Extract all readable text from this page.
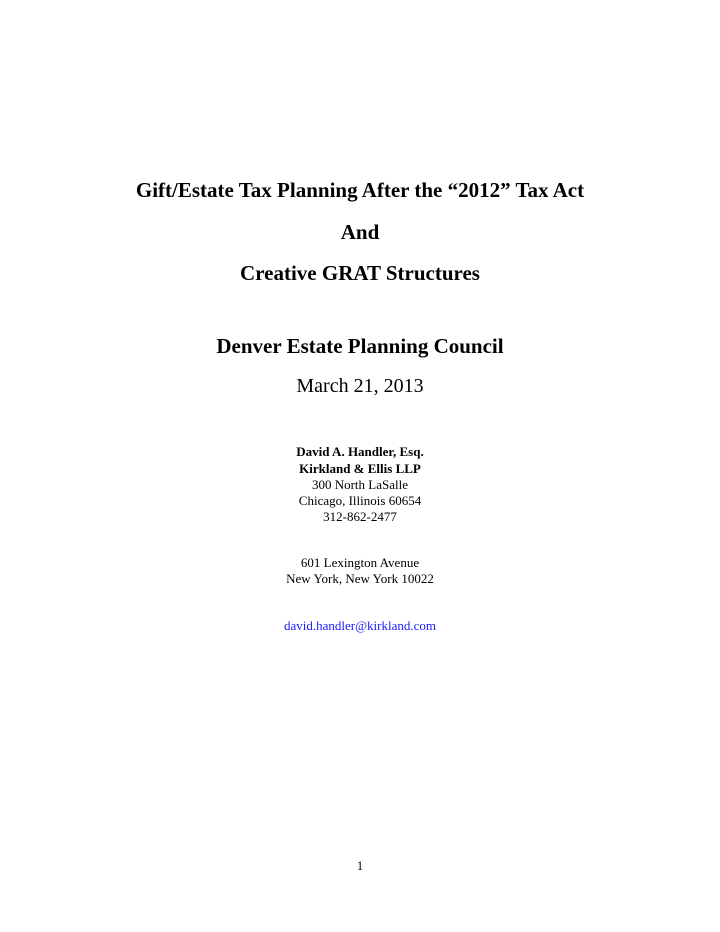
Gift/Estate Tax Planning After the “2012” Tax Act

And

Creative GRAT Structures

Denver Estate Planning Council

March 21, 2013

David A. Handler, Esq.

Kirkland & Ellis LLP

300 North LaSalle

Chicago, Illinois 60654

312-862-2477

601 Lexington Avenue

New York, New York 10022

david.handler@kirkland.com

1
